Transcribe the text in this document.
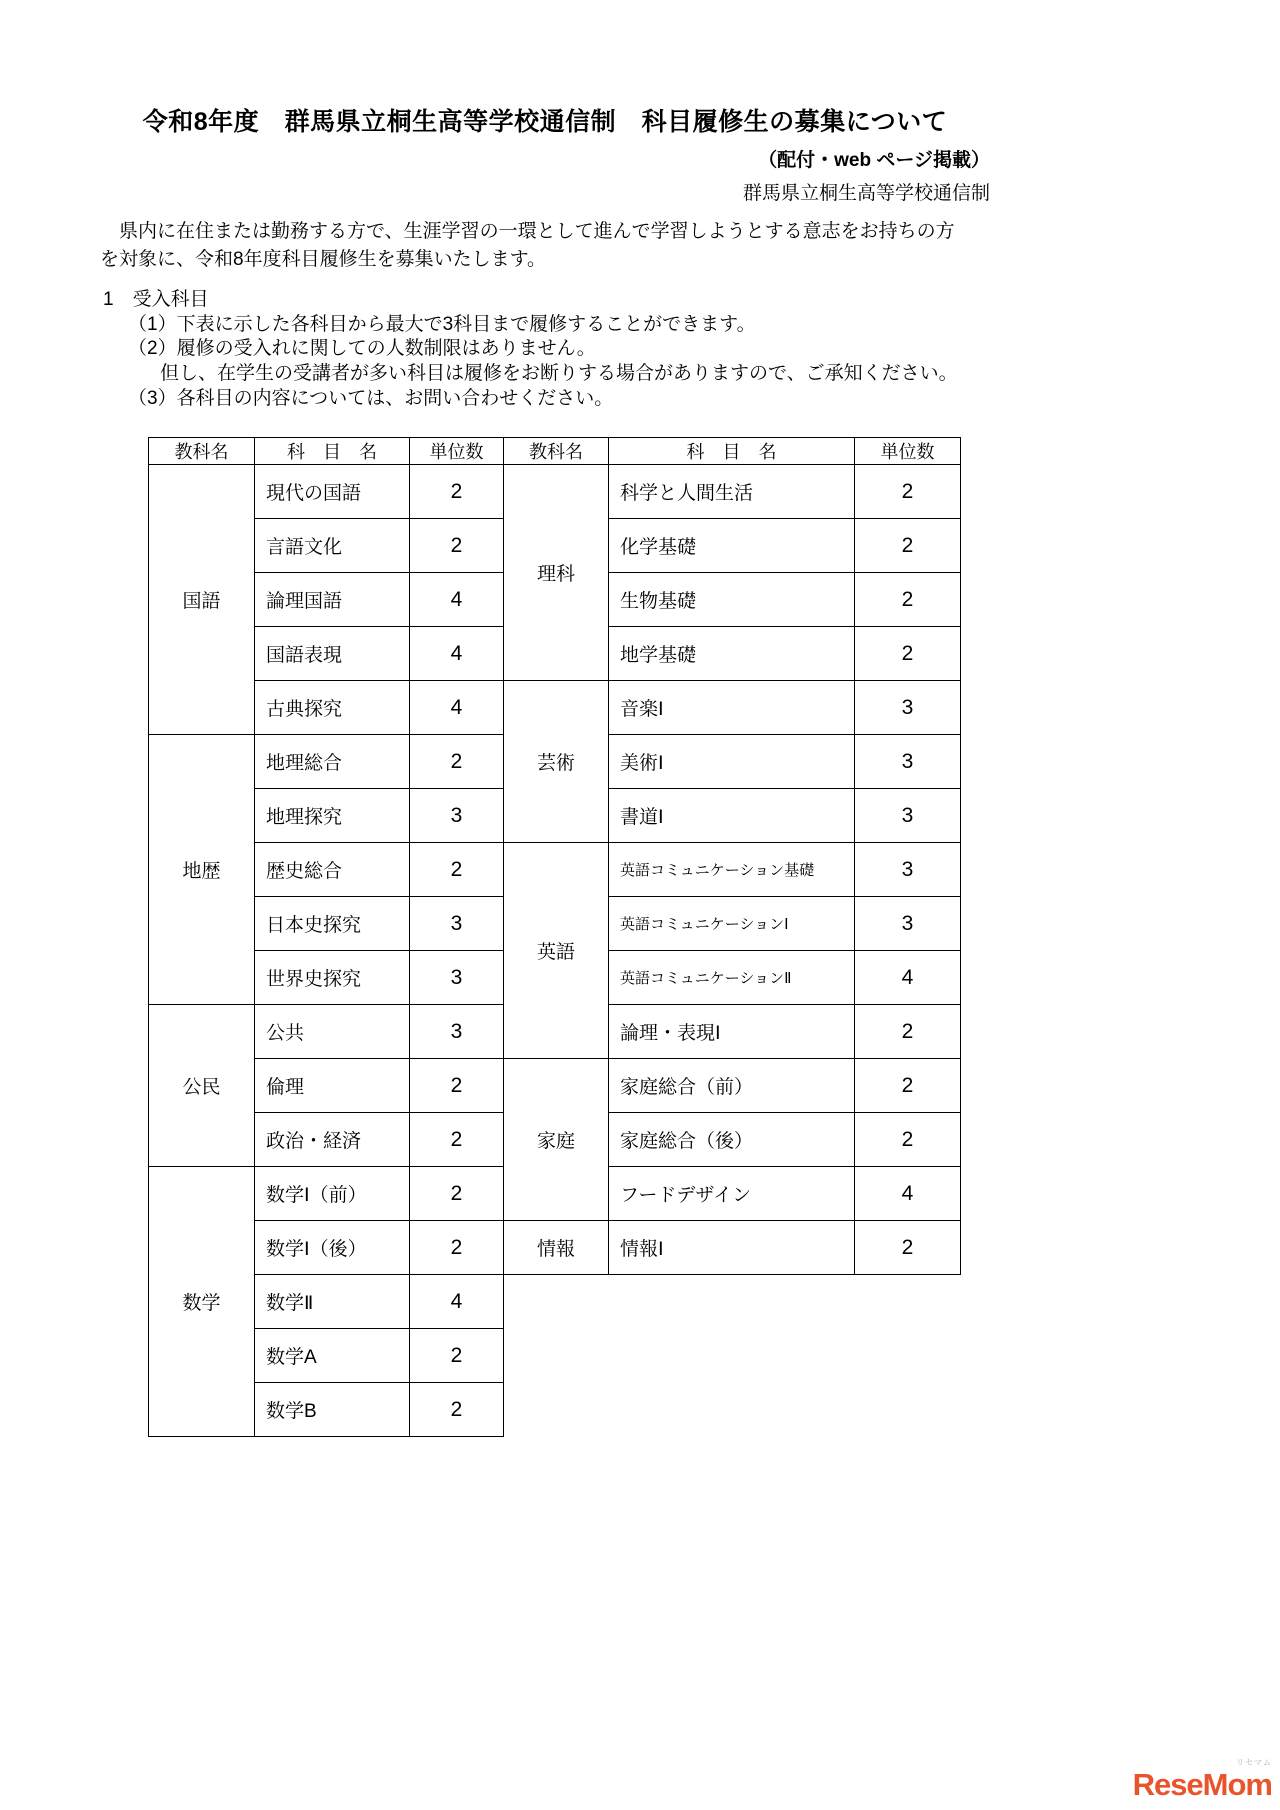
令和8年度　群馬県立桐生高等学校通信制　科目履修生の募集について
（配付・web ページ掲載）
群馬県立桐生高等学校通信制
県内に在住または勤務する方で、生涯学習の一環として進んで学習しようとする意志をお持ちの方
を対象に、令和8年度科目履修生を募集いたします。
1　受入科目
（1）下表に示した各科目から最大で3科目まで履修することができます。
（2）履修の受入れに関しての人数制限はありません。
但し、在学生の受講者が多い科目は履修をお断りする場合がありますので、ご承知ください。
（3）各科目の内容については、お問い合わせください。
教科名	科　目　名	単位数	教科名	科　目　名	単位数
国語	現代の国語	2	理科	科学と人間生活	2
	言語文化	2		化学基礎	2
	論理国語	4		生物基礎	2
	国語表現	4		地学基礎	2
	古典探究	4	芸術	音楽Ⅰ	3
地歴	地理総合	2		美術Ⅰ	3
	地理探究	3		書道Ⅰ	3
	歴史総合	2	英語	英語コミュニケーション基礎	3
	日本史探究	3		英語コミュニケーションⅠ	3
	世界史探究	3		英語コミュニケーションⅡ	4
公民	公共	3		論理・表現Ⅰ	2
	倫理	2	家庭	家庭総合（前）	2
	政治・経済	2		家庭総合（後）	2
数学	数学Ⅰ（前）	2		フードデザイン	4
	数学Ⅰ（後）	2	情報	情報Ⅰ	2
	数学Ⅱ	4			
	数学A	2			
	数学B	2			
リセマム
ReseMom
